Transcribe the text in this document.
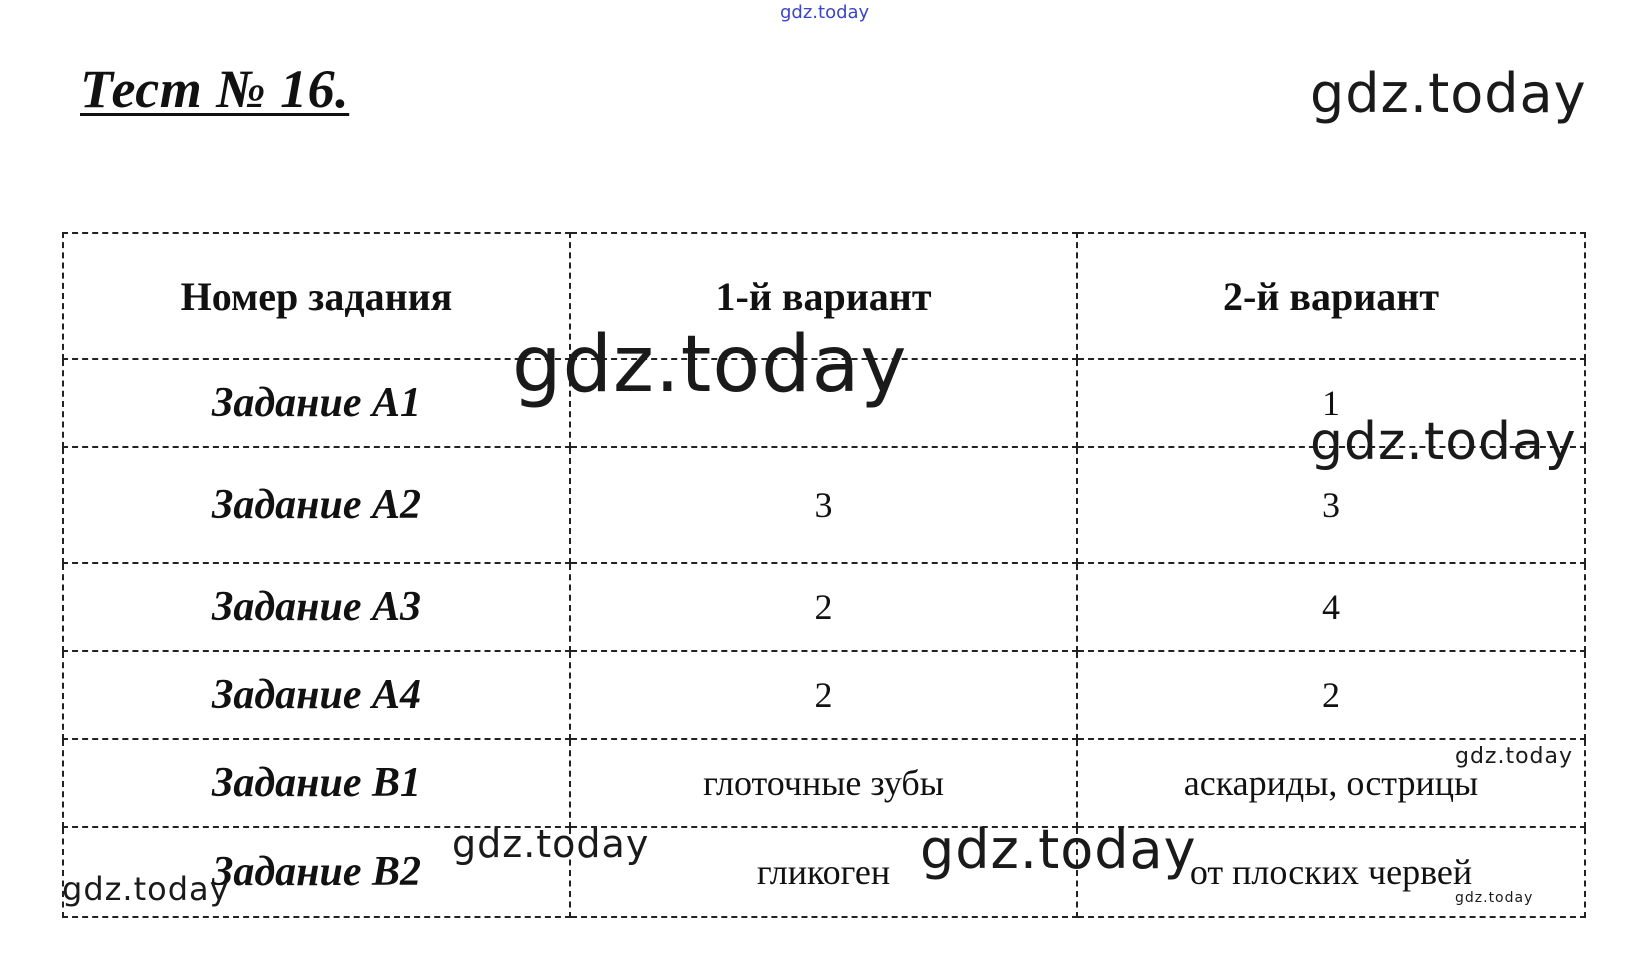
Тест № 16.
Номер задания	1-й вариант	2-й вариант
Задание А1		1
Задание А2	3	3
Задание А3	2	4
Задание А4	2	2
Задание В1	глоточные зубы	аскариды, острицы
Задание В2	гликоген	от плоских червей
gdz.today
gdz.today
gdz.today
gdz.today
gdz.today
gdz.today	gdz.today
gdz.today	gdz.today
